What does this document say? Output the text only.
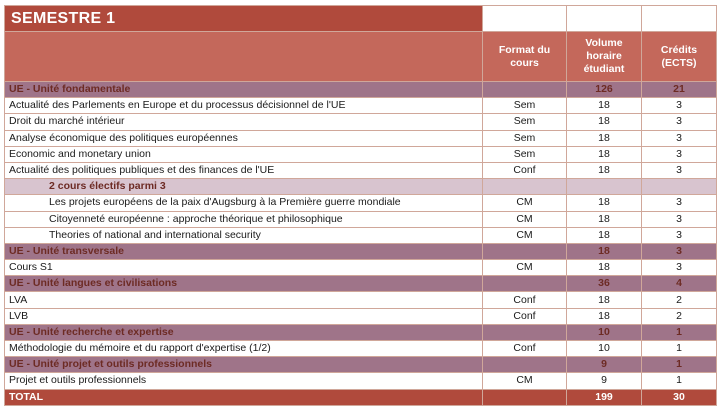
SEMESTRE 1			
	Format du cours	Volume horaire étudiant	Crédits (ECTS)
UE - Unité fondamentale		126	21
Actualité des Parlements en Europe et du processus décisionnel de l'UE	Sem	18	3
Droit du marché intérieur	Sem	18	3
Analyse économique des politiques européennes	Sem	18	3
Economic and monetary union	Sem	18	3
Actualité des politiques publiques et des finances de l'UE	Conf	18	3
2 cours électifs parmi 3			
Les projets européens de la paix d'Augsburg à la Première guerre mondiale	CM	18	3
Citoyenneté européenne : approche théorique et philosophique	CM	18	3
Theories of national and international security	CM	18	3
UE - Unité transversale		18	3
Cours S1	CM	18	3
UE - Unité langues et civilisations		36	4
LVA	Conf	18	2
LVB	Conf	18	2
UE - Unité recherche et expertise		10	1
Méthodologie du mémoire et du rapport d'expertise (1/2)	Conf	10	1
UE - Unité projet et outils professionnels		9	1
Projet et outils professionnels	CM	9	1
TOTAL		199	30
